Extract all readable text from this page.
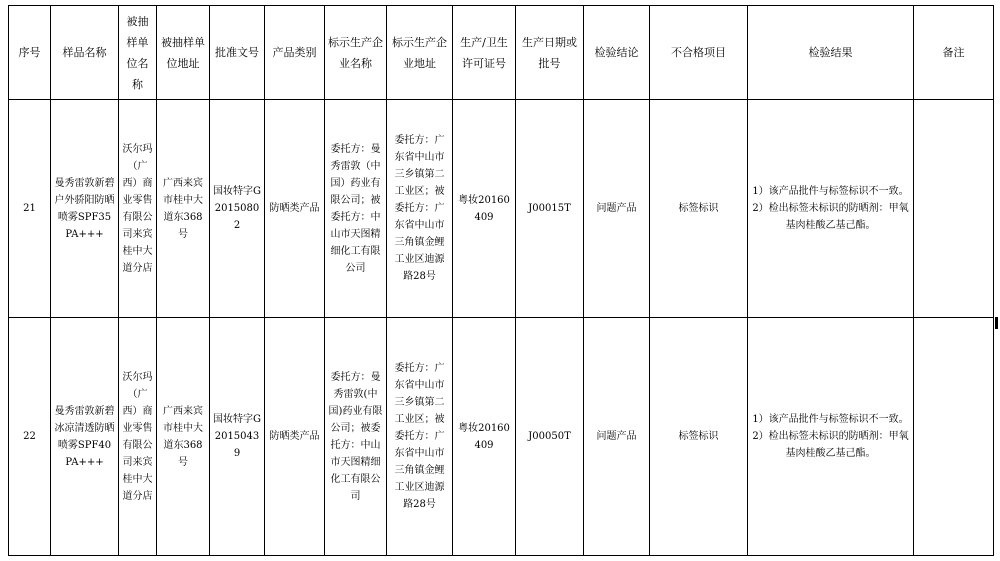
序号	样品名称	被抽样单位名称	被抽样单位地址	批准文号	产品类别	标示生产企业名称	标示生产企业地址	生产/卫生许可证号	生产日期或批号	检验结论	不合格项目	检验结果	备注
21	曼秀雷敦新碧户外骄阳防晒喷雾SPF35 PA+++	沃尔玛（广西）商业零售有限公司来宾桂中大道分店	广西来宾市桂中大道东368号	国妆特字G20150802	防晒类产品	委托方：曼秀雷敦（中国）药业有限公司；被委托方：中山市天图精细化工有限公司	委托方：广东省中山市三乡镇第二工业区；被委托方：广东省中山市三角镇金鲤工业区迪源路28号	粤妆20160409	J00015T	问题产品	标签标识	1）该产品批件与标签标识不一致。2）检出标签未标识的防晒剂：甲氧基肉桂酸乙基己酯。	
22	曼秀雷敦新碧冰凉清透防晒喷雾SPF40 PA+++	沃尔玛（广西）商业零售有限公司来宾桂中大道分店	广西来宾市桂中大道东368号	国妆特字G20150439	防晒类产品	委托方：曼秀雷敦(中国)药业有限公司；被委托方：中山市天图精细化工有限公司	委托方：广东省中山市三乡镇第二工业区；被委托方：广东省中山市三角镇金鲤工业区迪源路28号	粤妆20160409	J00050T	问题产品	标签标识	1）该产品批件与标签标识不一致。2）检出标签未标识的防晒剂：甲氧基肉桂酸乙基己酯。	
